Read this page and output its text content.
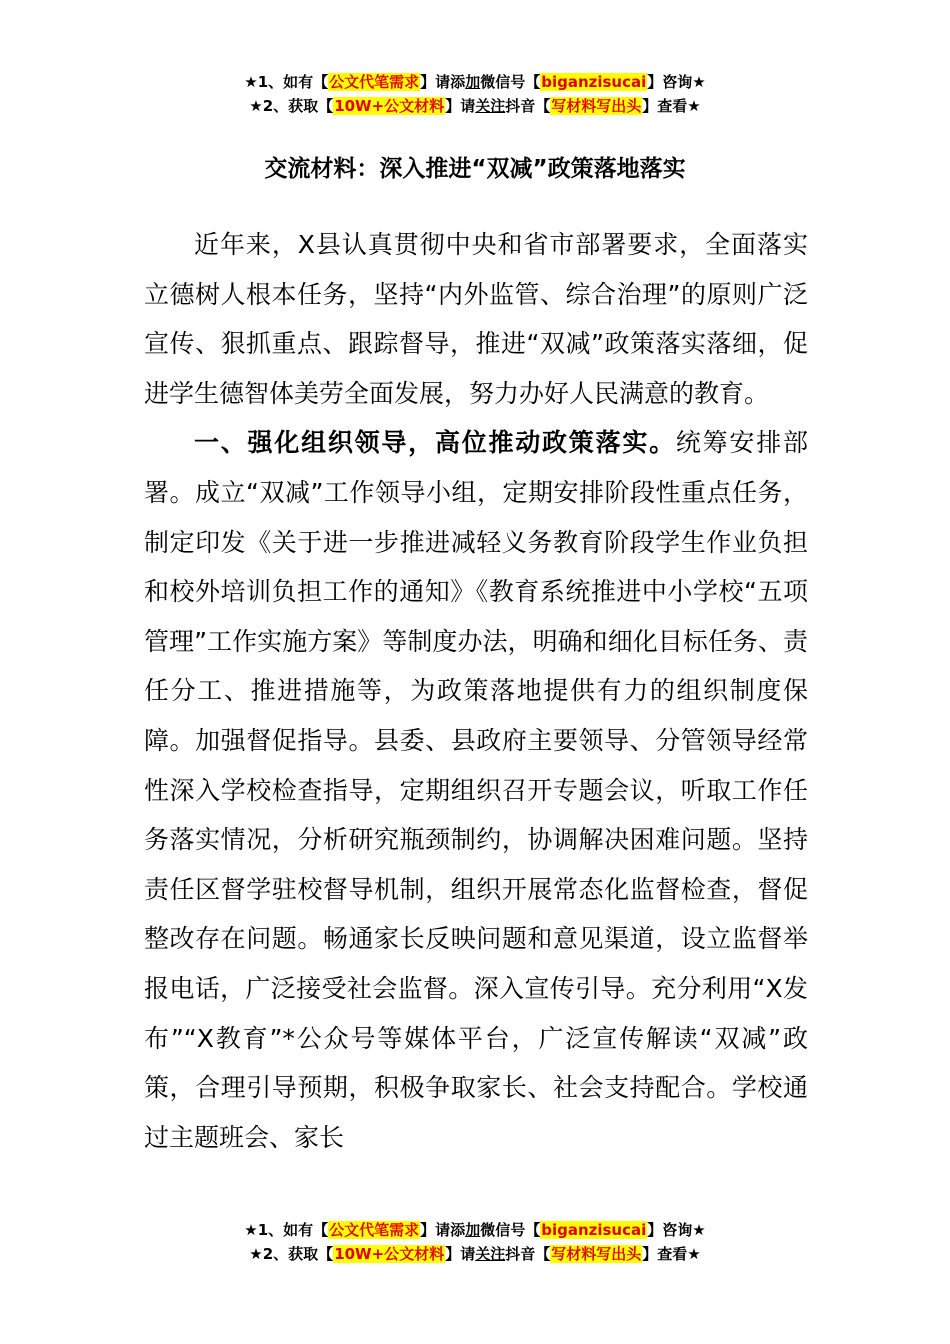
★1、如有【公文代笔需求】请添加微信号【biganzisucai】咨询★
★2、获取【10W+公文材料】请关注抖音【写材料写出头】查看★
交流材料：深入推进“双减”政策落地落实

近年来，X县认真贯彻中央和省市部署要求，全面落实立德树人根本任务，坚持“内外监管、综合治理”的原则广泛宣传、狠抓重点、跟踪督导，推进“双减”政策落实落细，促进学生德智体美劳全面发展，努力办好人民满意的教育。

一、强化组织领导，高位推动政策落实。统筹安排部署。成立“双减”工作领导小组，定期安排阶段性重点任务，制定印发《关于进一步推进减轻义务教育阶段学生作业负担和校外培训负担工作的通知》《教育系统推进中小学校“五项管理”工作实施方案》等制度办法，明确和细化目标任务、责任分工、推进措施等，为政策落地提供有力的组织制度保障。加强督促指导。县委、县政府主要领导、分管领导经常性深入学校检查指导，定期组织召开专题会议，听取工作任务落实情况，分析研究瓶颈制约，协调解决困难问题。坚持责任区督学驻校督导机制，组织开展常态化监督检查，督促整改存在问题。畅通家长反映问题和意见渠道，设立监督举报电话，广泛接受社会监督。深入宣传引导。充分利用“X发布”“X教育”*公众号等媒体平台，广泛宣传解读“双减”政策，合理引导预期，积极争取家长、社会支持配合。学校通过主题班会、家长

★1、如有【公文代笔需求】请添加微信号【biganzisucai】咨询★
★2、获取【10W+公文材料】请关注抖音【写材料写出头】查看★
